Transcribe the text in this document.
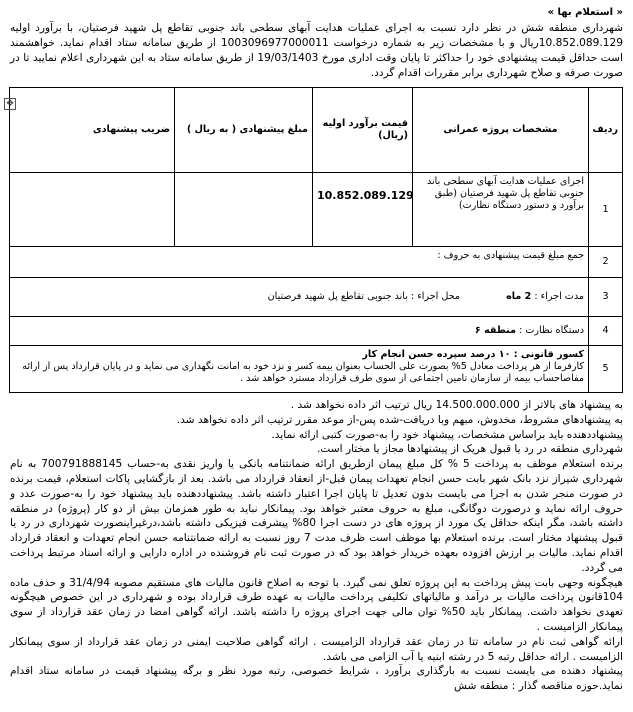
« استعلام بها »
شهرداری منطقه شش در نظر دارد نسبت به اجرای عملیات هدایت آبهای سطحی باند جنوبی تقاطع پل شهید فرصتیان، با برآورد اولیه 10.852.089.129ریال و با مشخصات زیر به شماره درخواست 1003096977000011 از طریق سامانه ستاد اقدام نماید. خواهشمند است حداقل قیمت پیشنهادی خود را حداکثر تا پایان وقت اداری مورخ 19/03/1403 از طریق سامانه ستاد به این شهرداری اعلام نمایید تا در صورت صرفه و صلاح شهرداری برابر مقررات اقدام گردد.
✥
ردیف	مشخصات پروژه عمرانی	قیمت برآورد اولیه (ریال)	مبلغ پیشنهادی ( به ریال )	ضریب پیشنهادی
1	اجرای عملیات هدایت آبهای سطحی باند جنوبی تقاطع پل شهید فرصتیان (طبق برآورد و دستور دستگاه نظارت)	10.852.089.129		

2	جمع مبلغ قیمت پیشنهادی به حروف :			
3	مدت اجراء : 2 ماه  محل اجراء : باند جنوبی تقاطع پل شهید فرصتیان			
4	دستگاه نظارت : منطقه ۶			
5	کسور قانونی : ۱۰ درصد سپرده حسن انجام کار
کارفرما از هر پرداخت معادل 5% بصورت علی الحساب بعنوان بیمه کسر و نزد خود به امانت نگهداری می نماید و در پایان قرارداد پس از ارائه مفاصاحساب بیمه از سازمان تامین اجتماعی از سوی طرف قرارداد مسترد خواهد شد .			

به پیشنهاد های بالاتر از 14.500.000.000 ریال ترتیب اثر داده نخواهد شد .

به پیشنهادهای مشروط، مخدوش، مبهم وبا دریافت-شده پس-از موعد مقرر ترتیب اثر داده نخواهد شد.

پیشنهاددهنده باید براساس مشخصات، پیشنهاد خود را به-صورت کتبی ارائه نماید.

شهرداری منطقه در رد یا قبول هریک از پیشنهادها مجاز یا مختار است.

برنده استعلام موظف به پرداخت 5 % کل مبلغ پیمان ازطریق ارائه ضمانتنامه بانکی یا واریز نقدی به-حساب 700791888145 به نام شهرداری شیراز نزد بانک شهر بابت حسن انجام تعهدات پیمان قبل-از انعقاد قرارداد می باشد. بعد از بازگشایی پاکات استعلام، قیمت برنده در صورت منجر شدن به اجرا می بایست بدون تعدیل تا پایان اجرا اعتبار داشته باشد. پیشنهاددهنده باید پیشنهاد خود را به-صورت عدد و حروف ارائه نماید و درصورت دوگانگی، مبلغ به حروف معتبر خواهد بود. پیمانکار نباید به طور همزمان بیش از دو کار (پروژه) در منطقه داشته باشد، مگر اینکه حداقل یک مورد از پروژه های در دست اجرا 80% پیشرفت فیزیکی داشته باشد،درغیراینصورت شهرداری در رد یا قبول پیشنهاد مختار است. برنده استعلام بها موظف است ظرف مدت 7 روز نسبت به ارائه ضمانتنامه حسن انجام تعهدات و انعقاد قرارداد اقدام نماید. مالیات بر ارزش افزوده بعهده خریدار خواهد بود که در صورت ثبت نام فروشنده در اداره دارایی و ارائه اسناد مرتبط پرداخت می گردد.

هیچگونه وجهی بابت پیش پرداخت به این پروژه تعلق نمی گیرد. با توجه به اصلاح قانون مالیات های مستقیم مصوبه 31/4/94 و حذف ماده 104قانون پرداخت مالیات بر درآمد و مالیاتهای تکلیفی پرداخت مالیات به عهده طرف قرارداد بوده و شهرداری در این خصوص هیچگونه تعهدی نخواهد داشت. پیمانکار باید 50% توان مالی جهت اجرای پروژه را داشته باشد. ارائه گواهی امضا در زمان عقد قرارداد از سوی پیمانکار الزامیست .

ارائه گواهی ثبت نام در سامانه تتا در زمان عقد قرارداد الزامیست . ارائه گواهی صلاحیت ایمنی در زمان عقد قرارداد از سوی پیمانکار الزامیست . ارائه حداقل رتبه 5 در رشته ابنیه یا آب الزامی می باشد.

پیشنهاد دهنده می بایست نسبت به بارگذاری برآورد ، شرایط خصوصی، رتبه مورد نظر و برگه پیشنهاد قیمت در سامانه ستاد اقدام نماید.حوزه مناقصه گذار : منطقه شش
